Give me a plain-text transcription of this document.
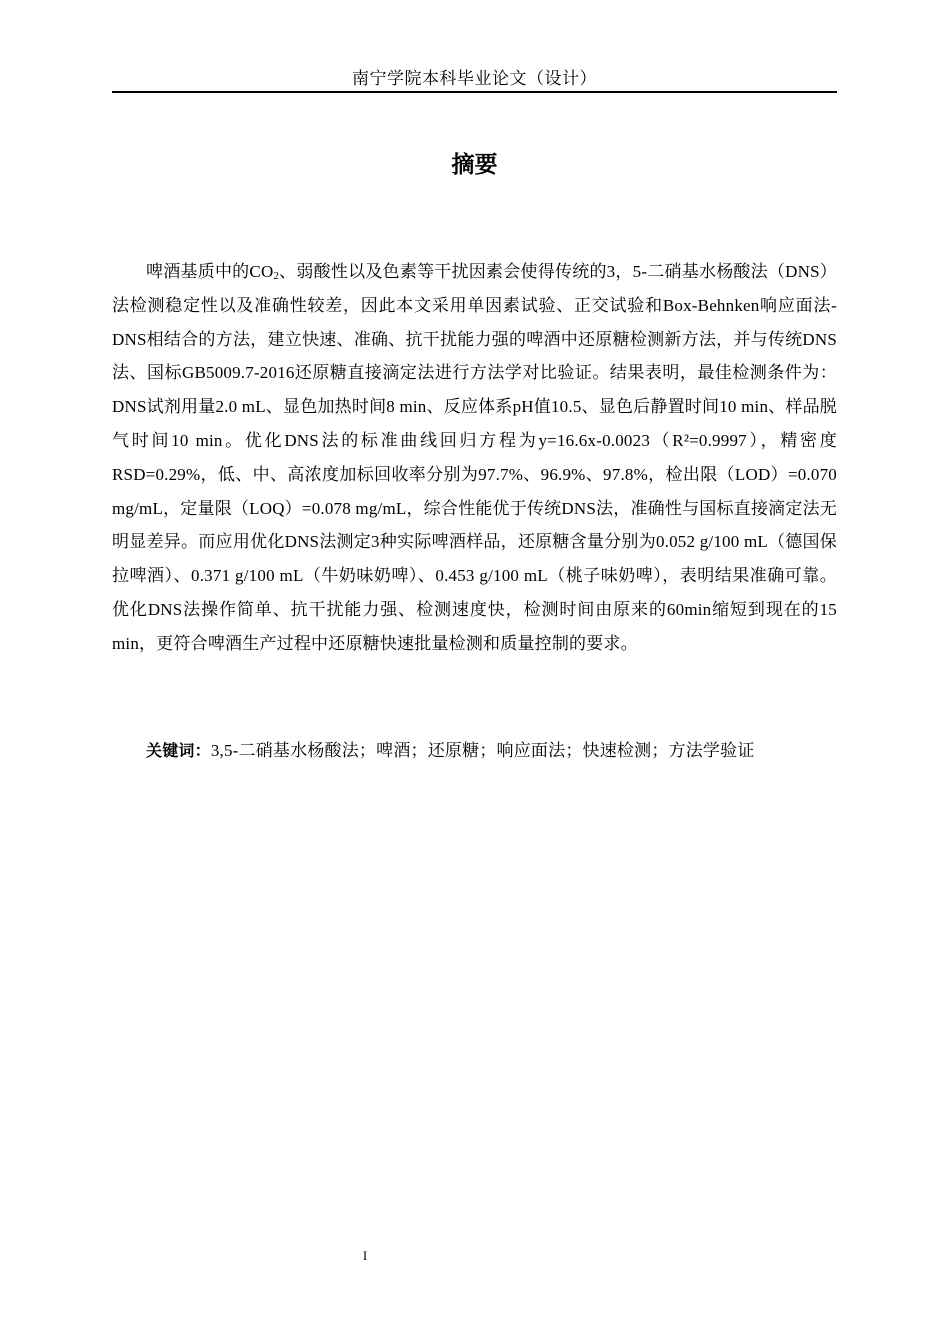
南宁学院本科毕业论文（设计）
摘要

啤酒基质中的$CO_2$、弱酸性以及色素等干扰因素会使得传统的3，5-二硝基水杨酸法（DNS）法检测稳定性以及准确性较差，因此本文采用单因素试验、正交试验和Box-Behnken响应面法-DNS相结合的方法，建立快速、准确、抗干扰能力强的啤酒中还原糖检测新方法，并与传统DNS法、国标GB5009.7-2016还原糖直接滴定法进行方法学对比验证。结果表明，最佳检测条件为：DNS试剂用量2.0 mL、显色加热时间8 min、反应体系pH值10.5、显色后静置时间10 min、样品脱气时间10 min。优化DNS法的标准曲线回归方程为y=16.6x-0.0023（R²=0.9997），精密度RSD=0.29%，低、中、高浓度加标回收率分别为97.7%、96.9%、97.8%，检出限（LOD）=0.070 mg/mL，定量限（LOQ）=0.078 mg/mL，综合性能优于传统DNS法，准确性与国标直接滴定法无明显差异。而应用优化DNS法测定3种实际啤酒样品，还原糖含量分别为0.052 g/100 mL（德国保拉啤酒）、0.371 g/100 mL（牛奶味奶啤）、0.453 g/100 mL（桃子味奶啤），表明结果准确可靠。优化DNS法操作简单、抗干扰能力强、检测速度快，检测时间由原来的60min缩短到现在的15 min，更符合啤酒生产过程中还原糖快速批量检测和质量控制的要求。

关键词：3,5-二硝基水杨酸法；啤酒；还原糖；响应面法；快速检测；方法学验证

I
